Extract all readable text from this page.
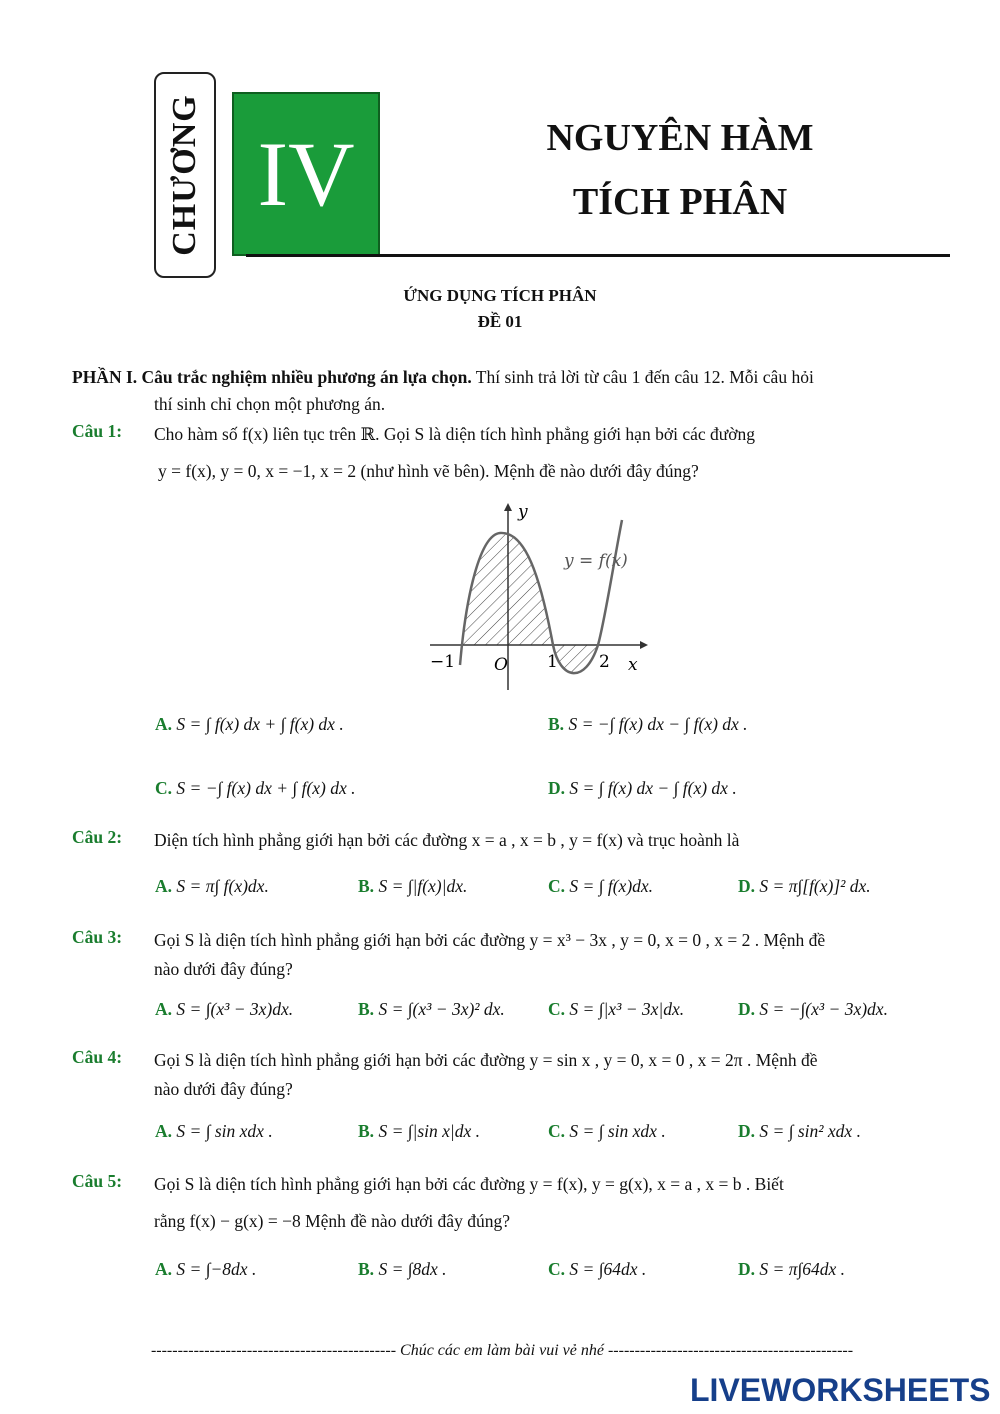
CHƯƠNG IV	NGUYÊN HÀM
TÍCH PHÂN
ỨNG DỤNG TÍCH PHÂN
ĐỀ 01
PHẦN I. Câu trắc nghiệm nhiều phương án lựa chọn. Thí sinh trả lời từ câu 1 đến câu 12. Mỗi câu hỏi
thí sinh chỉ chọn một phương án.
Câu 1: Cho hàm số f(x) liên tục trên ℝ. Gọi S là diện tích hình phẳng giới hạn bởi các đường
y = f(x), y = 0, x = −1, x = 2 (như hình vẽ bên). Mệnh đề nào dưới đây đúng?
y
x
y = f(x)
O
−1	1 2
A. S = ∫ f(x) dx + ∫ f(x) dx .	B. S = −∫ f(x) dx − ∫ f(x) dx .
C. S = −∫ f(x) dx + ∫ f(x) dx .	D. S = ∫ f(x) dx − ∫ f(x) dx .
Câu 2: Diện tích hình phẳng giới hạn bởi các đường x = a , x = b , y = f(x) và trục hoành là
A. S = π∫ f(x)dx.	B. S = ∫|f(x)|dx.	C. S = ∫ f(x)dx.	D. S = π∫[f(x)]² dx.
Câu 3: Gọi S là diện tích hình phẳng giới hạn bởi các đường y = x³ − 3x , y = 0, x = 0 , x = 2 . Mệnh đề
nào dưới đây đúng?
A. S = ∫(x³ − 3x)dx.	B. S = ∫(x³ − 3x)² dx. C. S = ∫|x³ − 3x|dx.	D. S = −∫(x³ − 3x)dx.
Câu 4: Gọi S là diện tích hình phẳng giới hạn bởi các đường y = sin x , y = 0, x = 0 , x = 2π . Mệnh đề
nào dưới đây đúng?
A. S = ∫ sin xdx .	B. S = ∫|sin x|dx .	C. S = ∫ sin xdx .	D. S = ∫ sin² xdx .
Câu 5: Gọi S là diện tích hình phẳng giới hạn bởi các đường y = f(x), y = g(x), x = a , x = b . Biết
rằng f(x) − g(x) = −8 Mệnh đề nào dưới đây đúng?
A. S = ∫−8dx .	B. S = ∫8dx .	C. S = ∫64dx .	D. S = π∫64dx .
---------------------------------------------- Chúc các em làm bài vui vẻ nhé ----------------------------------------------
LIVEWORKSHEETS
